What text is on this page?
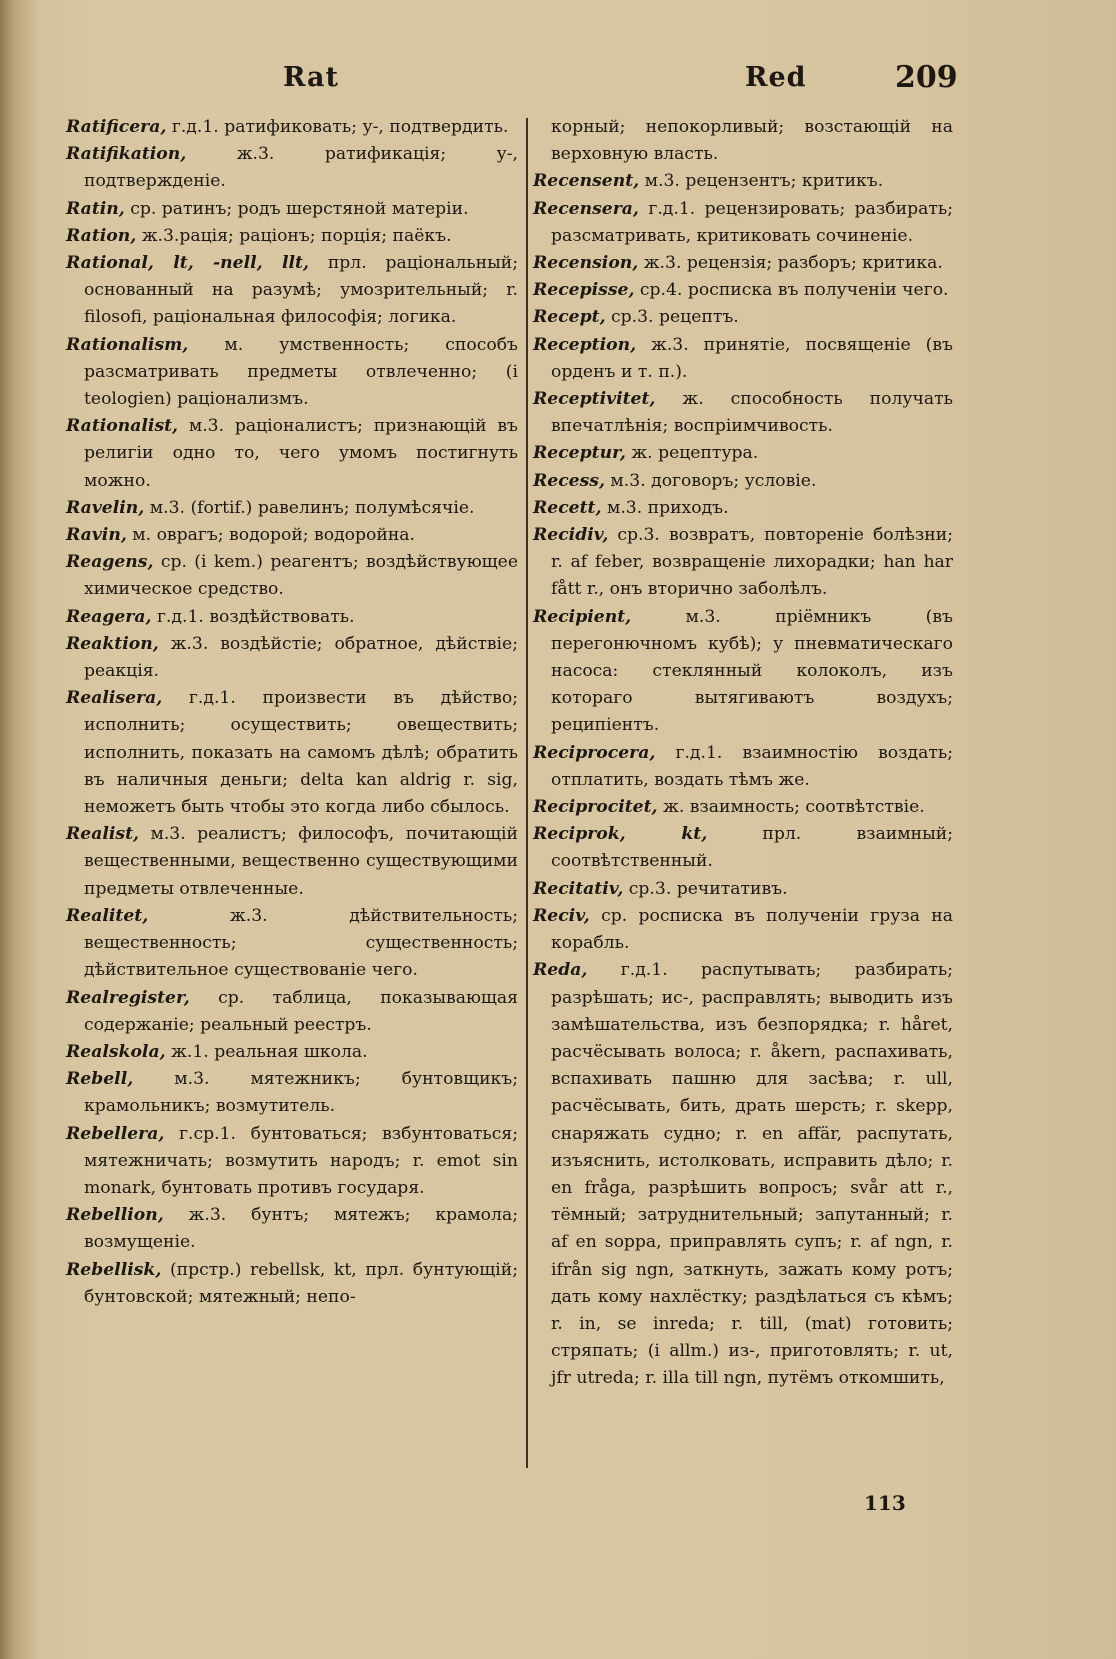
Rat	Red	209

Ratificera, г.д.1. ратификовать; у-, подтвердить.

Ratifikation, ж.3. ратификація; у-, подтвержденіе.

Ratin, ср. ратинъ; родъ шерстяной матеріи.

Ration, ж.3.рація; раціонъ; порція; паёкъ.

Rational, lt, -nell, llt, прл. раціональный; основанный на разумѣ; умозрительный; r. filosofi, раціональная философія; логика.

Rationalism, м. умственность; способъ разсматривать предметы отвлеченно; (i teologien) раціонализмъ.

Rationalist, м.3. раціоналистъ; признающій въ религіи одно то, чего умомъ постигнуть можно.

Ravelin, м.3. (fortif.) равелинъ; полумѣсячіе.

Ravin, м. оврагъ; водорой; водоройна.

Reagens, ср. (i kem.) реагентъ; воздѣйствующее химическое средство.

Reagera, г.д.1. воздѣйствовать.

Reaktion, ж.3. воздѣйстіе; обратное, дѣйствіе; реакція.

Realisera, г.д.1. произвести въ дѣйство; исполнить; осуществить; овеществить; исполнить, показать на самомъ дѣлѣ; обратить въ наличныя деньги; delta kan aldrig r. sig, неможетъ быть чтобы это когда либо сбылось.

Realist, м.3. реалистъ; философъ, почитающій вещественными, вещественно существующими предметы отвлеченные.

Realitet, ж.3. дѣйствительность; вещественность; существенность; дѣйствительное существованіе чего.

Realregister, ср. таблица, показывающая содержаніе; реальный реестръ.

Realskola, ж.1. реальная школа.

Rebell, м.3. мятежникъ; бунтовщикъ; крамольникъ; возмутитель.

Rebellera, г.ср.1. бунтоваться; взбунтоваться; мятежничать; возмутить народъ; r. emot sin monark, бунтовать противъ государя.

Rebellion, ж.3. бунтъ; мятежъ; крамола; возмущеніе.

Rebellisk, (прстр.) rebellsk, kt, прл. бунтующій; бунтовской; мятежный; непо-

корный; непокорливый; возстающій на верховную власть.

Recensent, м.3. рецензентъ; критикъ.

Recensera, г.д.1. рецензировать; разбирать; разсматривать, критиковать сочиненіе.

Recension, ж.3. рецензія; разборъ; критика.

Recepisse, ср.4. росписка въ полученіи чего.

Recept, ср.3. рецептъ.

Reception, ж.3. принятіе, посвященіе (въ орденъ и т. п.).

Receptivitet, ж. способность получать впечатлѣнія; воспріимчивость.

Receptur, ж. рецептура.

Recess, м.3. договоръ; условіе.

Recett, м.3. приходъ.

Recidiv, ср.3. возвратъ, повтореніе болѣзни; r. af feber, возвращеніе лихорадки; han har fått r., онъ вторично заболѣлъ.

Recipient, м.3. пріёмникъ (въ перегонючномъ кубѣ); у пневматическаго насоса: стеклянный колоколъ, изъ котораго вытягиваютъ воздухъ; реципіентъ.

Reciprocera, г.д.1. взаимностію воздать; отплатить, воздать тѣмъ же.

Reciprocitet, ж. взаимность; соотвѣтствіе.

Reciprok, kt, прл. взаимный; соотвѣтственный.

Recitativ, ср.3. речитативъ.

Reciv, ср. росписка въ полученіи груза на корабль.

Reda, г.д.1. распутывать; разбирать; разрѣшать; ис-, расправлять; выводить изъ замѣшательства, изъ безпорядка; r. håret, расчёсывать волоса; r. åkern, распахивать, вспахивать пашню для засѣва; r. ull, расчёсывать, бить, драть шерсть; r. skepp, снаряжать судно; r. en affär, распутать, изъяснить, истолковать, исправить дѣло; r. en fråga, разрѣшить вопросъ; svår att r., тёмный; затруднительный; запутанный; r. af en soppa, приправлять супъ; r. af ngn, r. ifrån sig ngn, заткнуть, зажать кому ротъ; дать кому нахлёстку; раздѣлаться съ кѣмъ; r. in, se inreda; r. till, (mat) готовить; стряпать; (i allm.) из-, приготовлять; r. ut, jfr utreda; r. illa till ngn, путёмъ откомшить,

113
